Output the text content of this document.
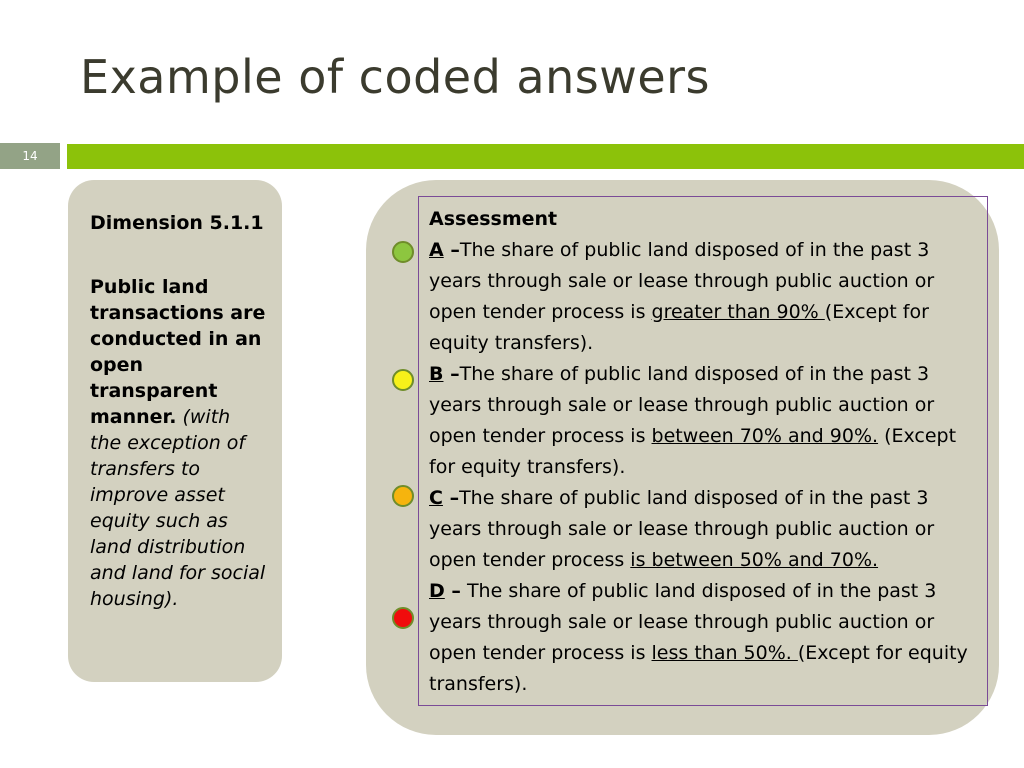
Example of coded answers
14
Dimension 5.1.1
Public land transactions are conducted in an open transparent manner. (with the exception of transfers to improve asset equity such as land distribution and land for social housing).
Assessment
A –The share of public land disposed of in the past 3 years through sale or lease through public auction or open tender process is greater than 90% (Except for equity transfers).
B –The share of public land disposed of in the past 3 years through sale or lease through public auction or open tender process is between 70% and 90%. (Except for equity transfers).
C –The share of public land disposed of in the past 3 years through sale or lease through public auction or open tender process is between 50% and 70%.
D – The share of public land disposed of in the past 3 years through sale or lease through public auction or open tender process is less than 50%. (Except for equity transfers).
